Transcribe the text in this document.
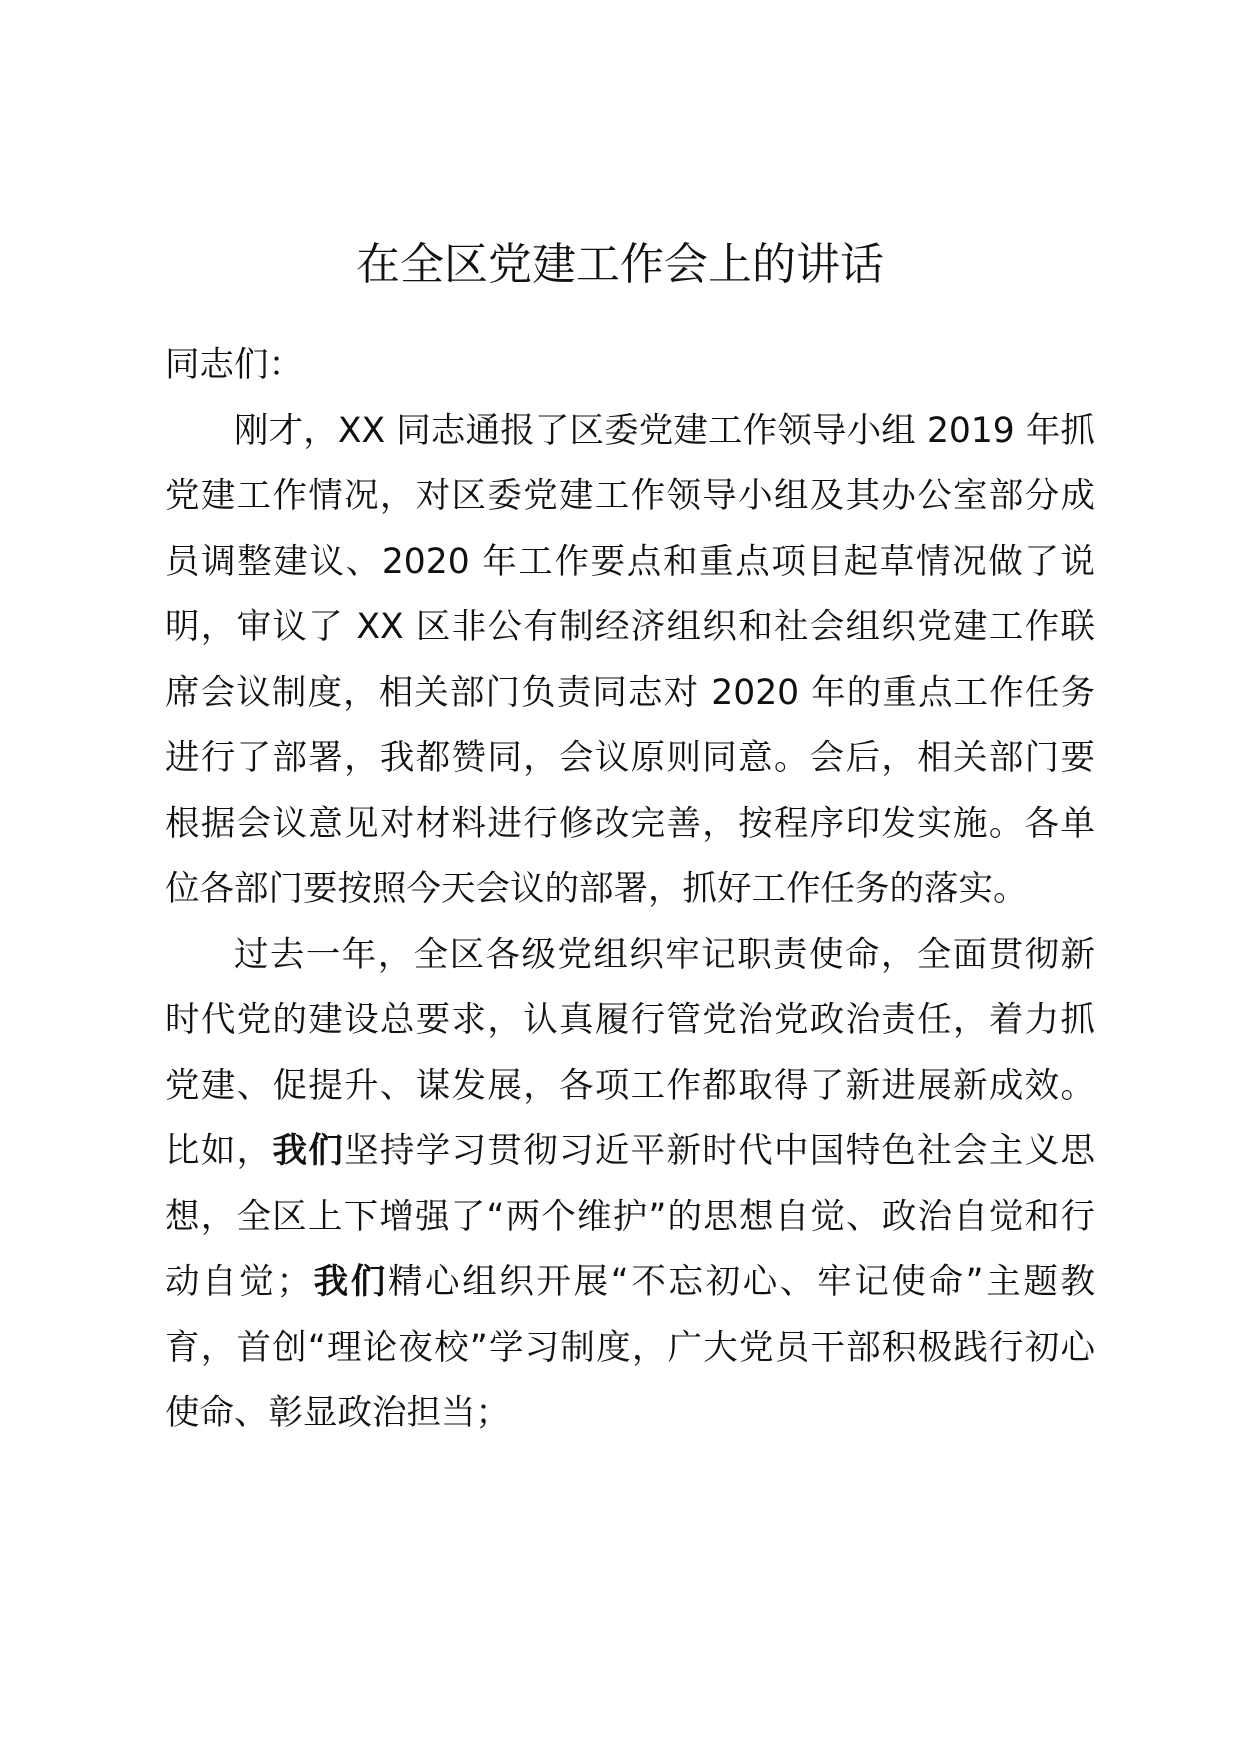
在全区党建工作会上的讲话

同志们：

刚才，XX 同志通报了区委党建工作领导小组 2019 年抓党建工作情况，对区委党建工作领导小组及其办公室部分成员调整建议、2020 年工作要点和重点项目起草情况做了说明，审议了 XX 区非公有制经济组织和社会组织党建工作联席会议制度，相关部门负责同志对 2020 年的重点工作任务进行了部署，我都赞同，会议原则同意。会后，相关部门要根据会议意见对材料进行修改完善，按程序印发实施。各单位各部门要按照今天会议的部署，抓好工作任务的落实。

过去一年，全区各级党组织牢记职责使命，全面贯彻新时代党的建设总要求，认真履行管党治党政治责任，着力抓党建、促提升、谋发展，各项工作都取得了新进展新成效。比如，我们坚持学习贯彻习近平新时代中国特色社会主义思想，全区上下增强了“两个维护”的思想自觉、政治自觉和行动自觉；我们精心组织开展“不忘初心、牢记使命”主题教育，首创“理论夜校”学习制度，广大党员干部积极践行初心使命、彰显政治担当；
